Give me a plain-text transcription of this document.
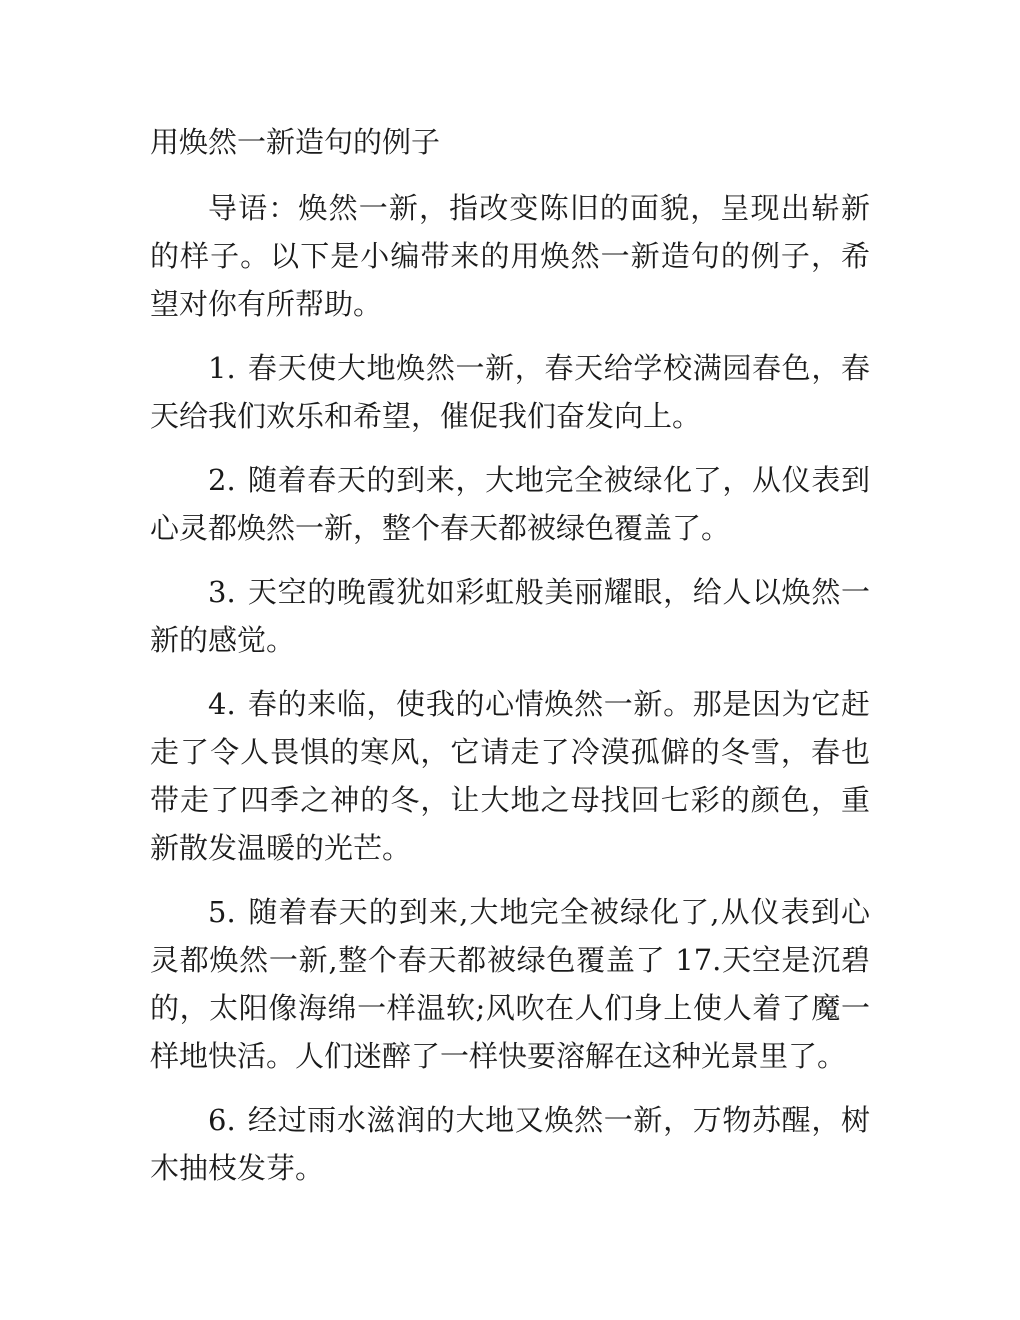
用焕然一新造句的例子

导语：焕然一新，指改变陈旧的面貌，呈现出崭新的样子。以下是小编带来的用焕然一新造句的例子，希望对你有所帮助。

1. 春天使大地焕然一新，春天给学校满园春色，春天给我们欢乐和希望，催促我们奋发向上。

2. 随着春天的到来，大地完全被绿化了，从仪表到心灵都焕然一新，整个春天都被绿色覆盖了。

3. 天空的晚霞犹如彩虹般美丽耀眼，给人以焕然一新的感觉。

4. 春的来临，使我的心情焕然一新。那是因为它赶走了令人畏惧的寒风，它请走了冷漠孤僻的冬雪，春也带走了四季之神的冬，让大地之母找回七彩的颜色，重新散发温暖的光芒。

5. 随着春天的到来,大地完全被绿化了,从仪表到心灵都焕然一新,整个春天都被绿色覆盖了 17.天空是沉碧的，太阳像海绵一样温软;风吹在人们身上使人着了魔一样地快活。人们迷醉了一样快要溶解在这种光景里了。

6. 经过雨水滋润的大地又焕然一新，万物苏醒，树木抽枝发芽。
